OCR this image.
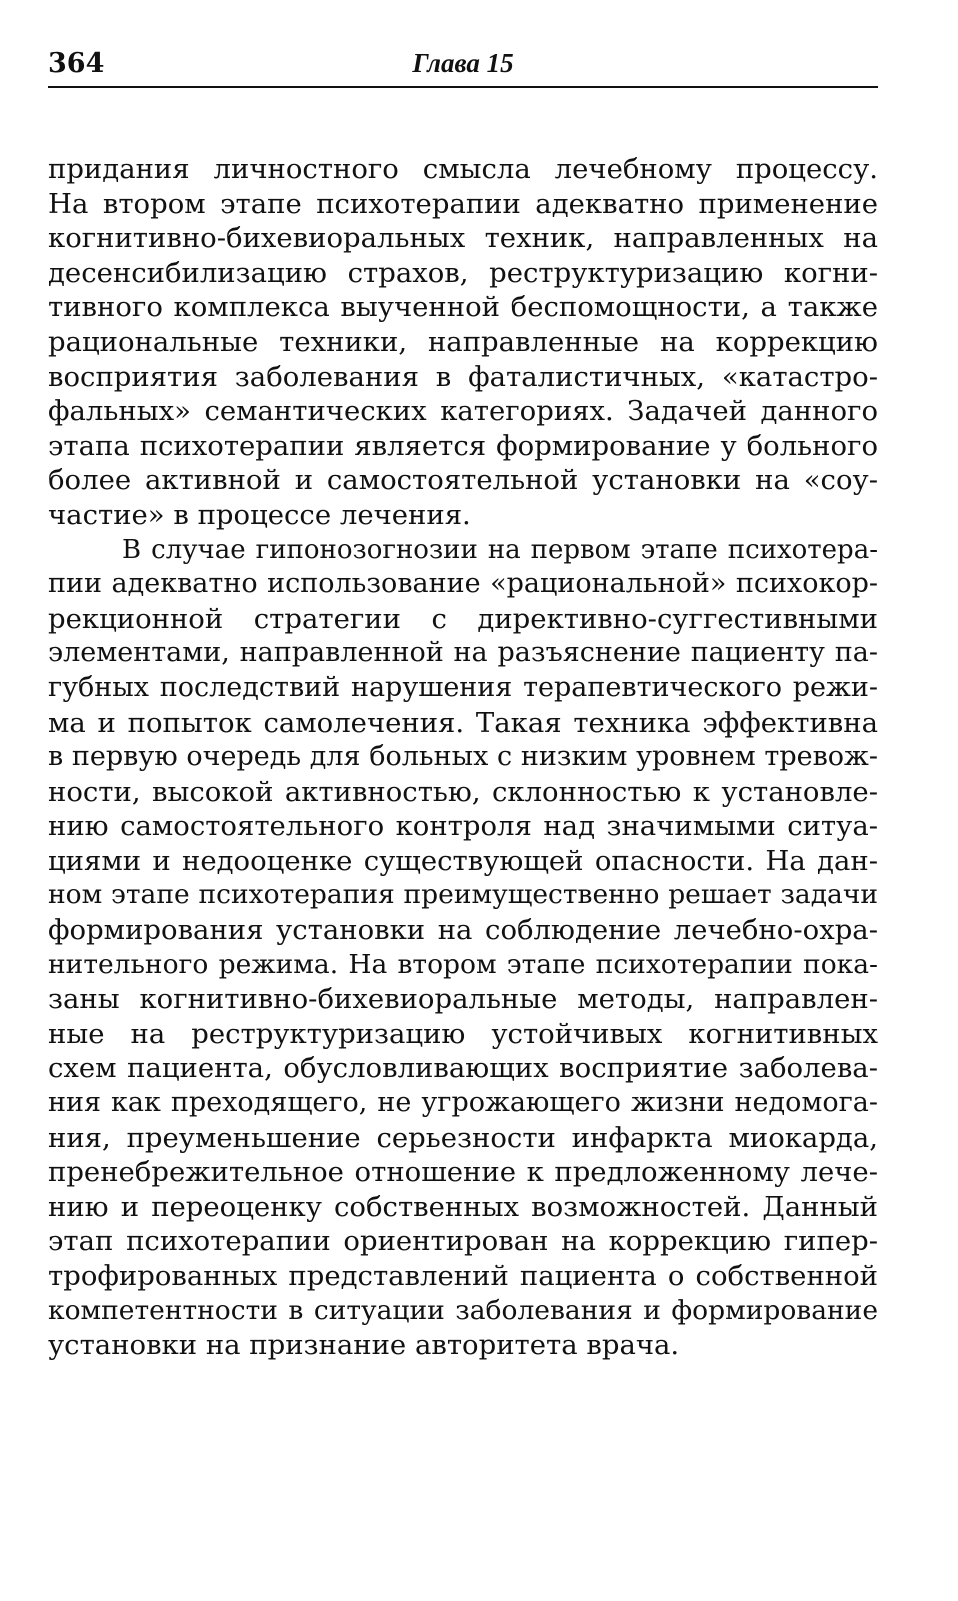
364	Глава 15
придания личностного смысла лечебному процессу.
На втором этапе психотерапии адекватно применение
когнитивно-бихевиоральных техник, направленных на
десенсибилизацию страхов, реструктуризацию когни-
тивного комплекса выученной беспомощности, а также
рациональные техники, направленные на коррекцию
восприятия заболевания в фаталистичных, «катастро-
фальных» семантических категориях. Задачей данного
этапа психотерапии является формирование у больного
более активной и самостоятельной установки на «соу-
частие» в процессе лечения.
В случае гипонозогнозии на первом этапе психотера-
пии адекватно использование «рациональной» психокор-
рекционной стратегии с директивно-суггестивными
элементами, направленной на разъяснение пациенту па-
губных последствий нарушения терапевтического режи-
ма и попыток самолечения. Такая техника эффективна
в первую очередь для больных с низким уровнем тревож-
ности, высокой активностью, склонностью к установле-
нию самостоятельного контроля над значимыми ситуа-
циями и недооценке существующей опасности. На дан-
ном этапе психотерапия преимущественно решает задачи
формирования установки на соблюдение лечебно-охра-
нительного режима. На втором этапе психотерапии пока-
заны когнитивно-бихевиоральные методы, направлен-
ные на реструктуризацию устойчивых когнитивных
схем пациента, обусловливающих восприятие заболева-
ния как преходящего, не угрожающего жизни недомога-
ния, преуменьшение серьезности инфаркта миокарда,
пренебрежительное отношение к предложенному лече-
нию и переоценку собственных возможностей. Данный
этап психотерапии ориентирован на коррекцию гипер-
трофированных представлений пациента о собственной
компетентности в ситуации заболевания и формирование
установки на признание авторитета врача.
